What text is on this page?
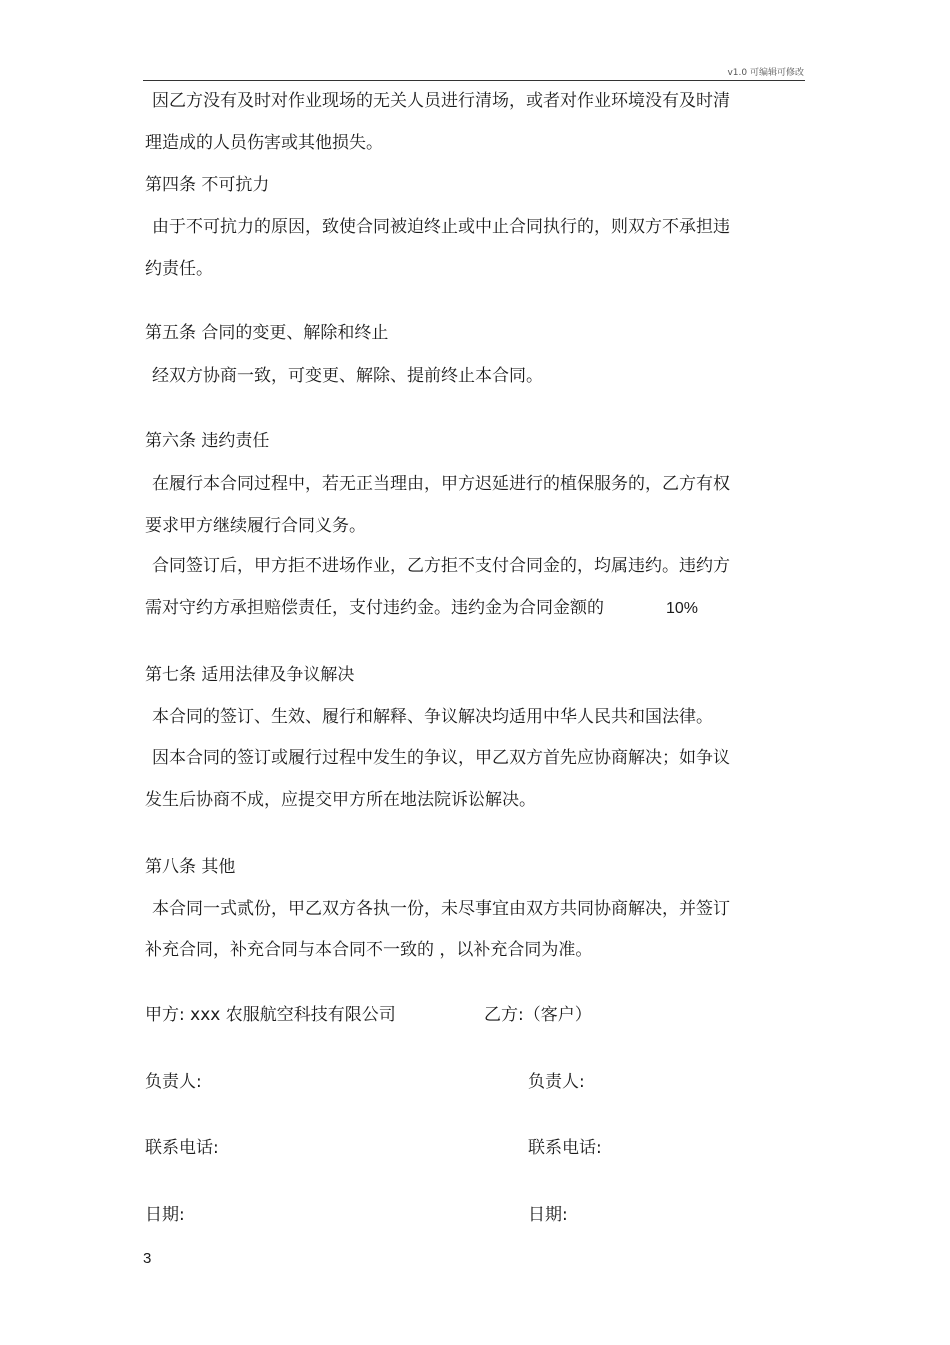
v1.0 可编辑可修改
因乙方没有及时对作业现场的无关人员进行清场，或者对作业环境没有及时清
理造成的人员伤害或其他损失。
第四条 不可抗力
由于不可抗力的原因，致使合同被迫终止或中止合同执行的，则双方不承担违
约责任。
第五条 合同的变更、解除和终止
经双方协商一致，可变更、解除、提前终止本合同。
第六条 违约责任
在履行本合同过程中，若无正当理由，甲方迟延进行的植保服务的，乙方有权
要求甲方继续履行合同义务。
合同签订后，甲方拒不进场作业，乙方拒不支付合同金的，均属违约。违约方
需对守约方承担赔偿责任，支付违约金。违约金为合同金额的	10%
第七条 适用法律及争议解决
本合同的签订、生效、履行和解释、争议解决均适用中华人民共和国法律。
因本合同的签订或履行过程中发生的争议，甲乙双方首先应协商解决；如争议
发生后协商不成，应提交甲方所在地法院诉讼解决。
第八条 其他
本合同一式贰份，甲乙双方各执一份，未尽事宜由双方共同协商解决，并签订
补充合同，补充合同与本合同不一致的 ，以补充合同为准。
甲方: xxx 农服航空科技有限公司	乙方:（客户）
负责人:	负责人:
联系电话:	联系电话:
日期:	日期:
3
